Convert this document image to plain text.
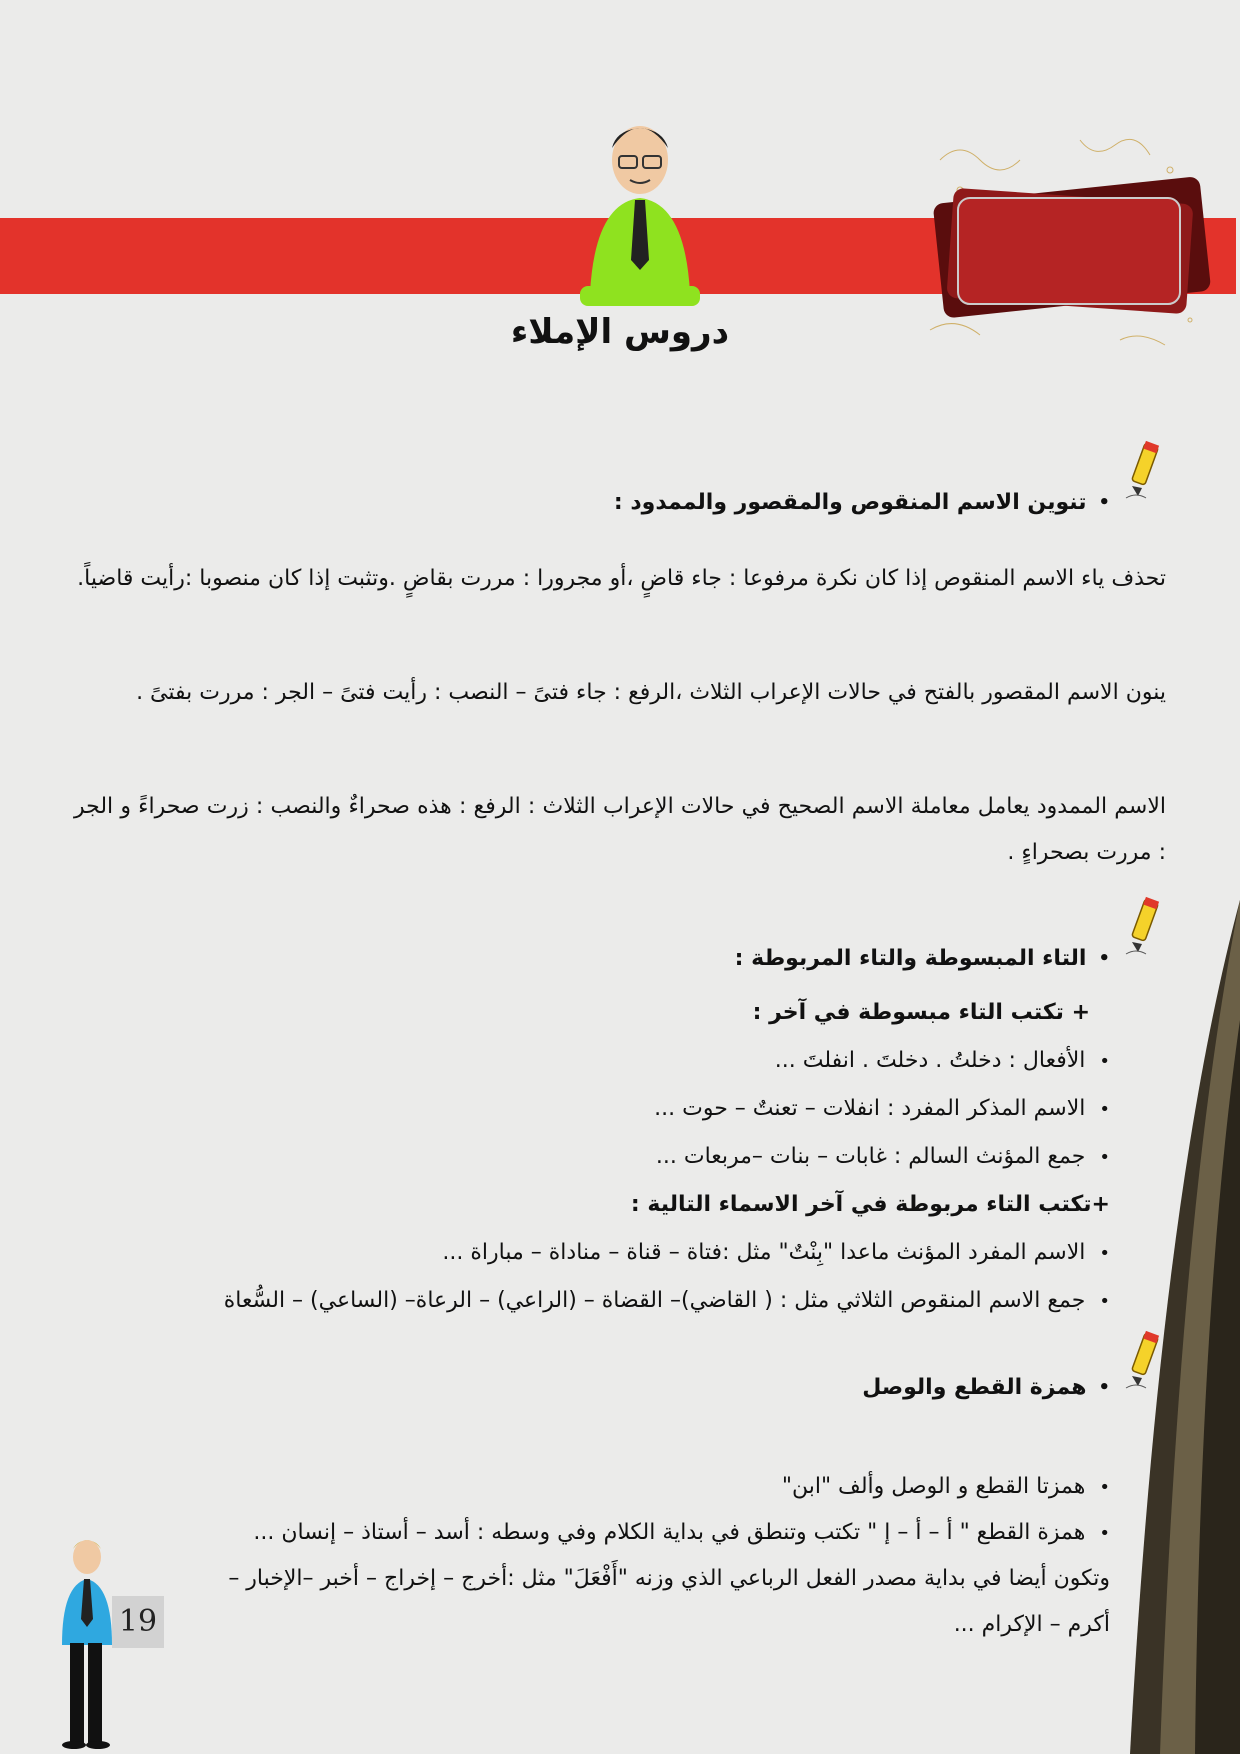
دروس الإملاء
•
تنوين الاسم المنقوص والمقصور والممدود :
تحذف ياء الاسم المنقوص إذا كان نكرة مرفوعا : جاء قاضٍ ،أو مجرورا : مررت بقاضٍ .وتثبت إذا كان منصوبا :رأيت قاضياً.
ينون الاسم المقصور بالفتح في حالات الإعراب الثلاث ،الرفع : جاء فتىً – النصب : رأيت فتىً – الجر : مررت بفتىً .
الاسم الممدود يعامل معاملة الاسم الصحيح في حالات الإعراب الثلاث : الرفع : هذه صحراءٌ والنصب : زرت صحراءً و الجر : مررت بصحراءٍ .
•
التاء المبسوطة والتاء المربوطة :
+ تكتب التاء مبسوطة في آخر :
• الأفعال : دخلتُ . دخلتَ . انفلتَ ...
• الاسم المذكر المفرد : انفلات – تعنتٌ – حوت ...
• جمع المؤنث السالم : غابات – بنات –مربعات ...
+تكتب التاء مربوطة في آخر الاسماء التالية :
• الاسم المفرد المؤنث ماعدا "بِنْتٌ" مثل :فتاة – قناة – مناداة – مباراة ...
• جمع الاسم المنقوص الثلاثي مثل : ( القاضي)– القضاة – (الراعي) – الرعاة– (الساعي) – السُّعاة
•
همزة القطع والوصل
• همزتا القطع و الوصل وألف "ابن"
• همزة القطع " أ – أ – إ " تكتب وتنطق في بداية الكلام وفي وسطه : أسد – أستاذ – إنسان ...
وتكون أيضا في بداية مصدر الفعل الرباعي الذي وزنه "أَفْعَلَ" مثل :أخرج – إخراج – أخبر –الإخبار –
أكرم – الإكرام ...
19
